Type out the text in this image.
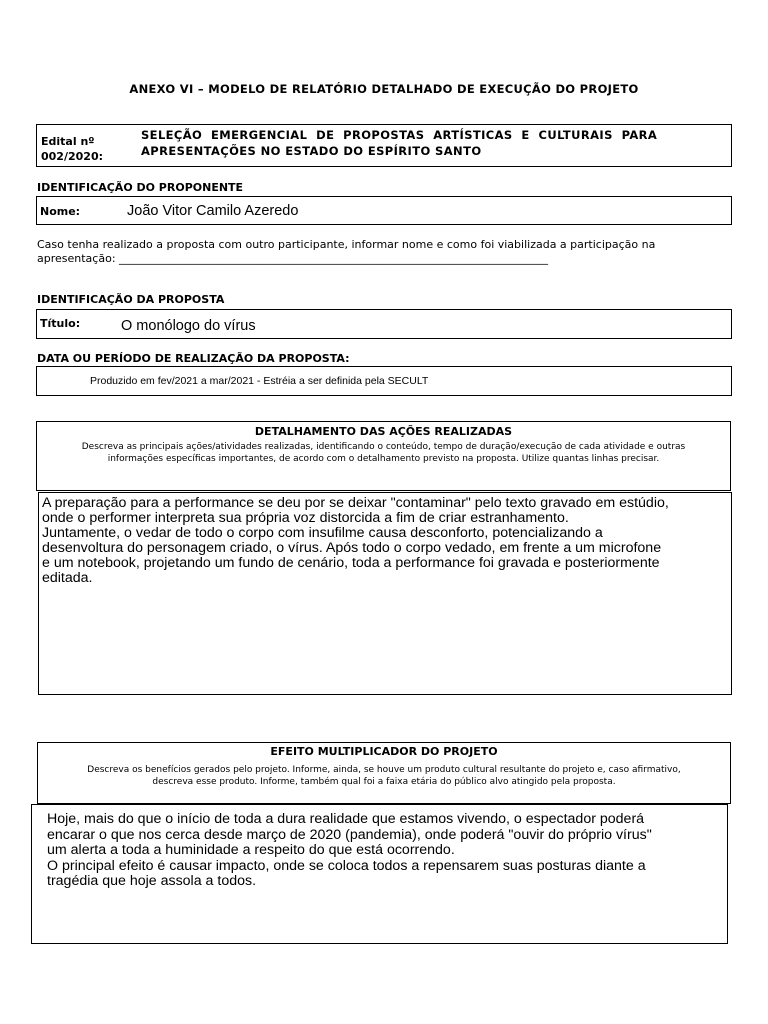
ANEXO VI – MODELO DE RELATÓRIO DETALHADO DE EXECUÇÃO DO PROJETO
Edital nº
002/2020:
SELEÇÃO  EMERGENCIAL  DE  PROPOSTAS  ARTÍSTICAS  E  CULTURAIS  PARA
APRESENTAÇÕES NO ESTADO DO ESPÍRITO SANTO
IDENTIFICAÇÃO DO PROPONENTE
Nome:	João Vitor Camilo Azeredo
Caso tenha realizado a proposta com outro participante, informar nome e como foi viabilizada a participação na
apresentação: ______________________________________________________________________________
IDENTIFICAÇÃO DA PROPOSTA
Título:	O monólogo do vírus
DATA OU PERÍODO DE REALIZAÇÃO DA PROPOSTA:
Produzido em fev/2021 a mar/2021 - Estréia a ser definida pela SECULT
DETALHAMENTO DAS AÇÕES REALIZADAS
Descreva as principais ações/atividades realizadas, identificando o conteúdo, tempo de duração/execução de cada atividade e outras
informações específicas importantes, de acordo com o detalhamento previsto na proposta. Utilize quantas linhas precisar.
A preparação para a performance se deu por se deixar "contaminar" pelo texto gravado em estúdio,
onde o performer interpreta sua própria voz distorcida a fim de criar estranhamento.
Juntamente, o vedar de todo o corpo com insufilme causa desconforto, potencializando a
desenvoltura do personagem criado, o vírus. Após todo o corpo vedado, em frente a um microfone
e um notebook, projetando um fundo de cenário, toda a performance foi gravada e posteriormente
editada.
EFEITO MULTIPLICADOR DO PROJETO
Descreva os benefícios gerados pelo projeto. Informe, ainda, se houve um produto cultural resultante do projeto e, caso afirmativo,
descreva esse produto. Informe, também qual foi a faixa etária do público alvo atingido pela proposta.
Hoje, mais do que o início de toda a dura realidade que estamos vivendo, o espectador poderá
encarar o que nos cerca desde março de 2020 (pandemia), onde poderá "ouvir do próprio vírus"
um alerta a toda a huminidade a respeito do que está ocorrendo.
O principal efeito é causar impacto, onde se coloca todos a repensarem suas posturas diante a
tragédia que hoje assola a todos.
